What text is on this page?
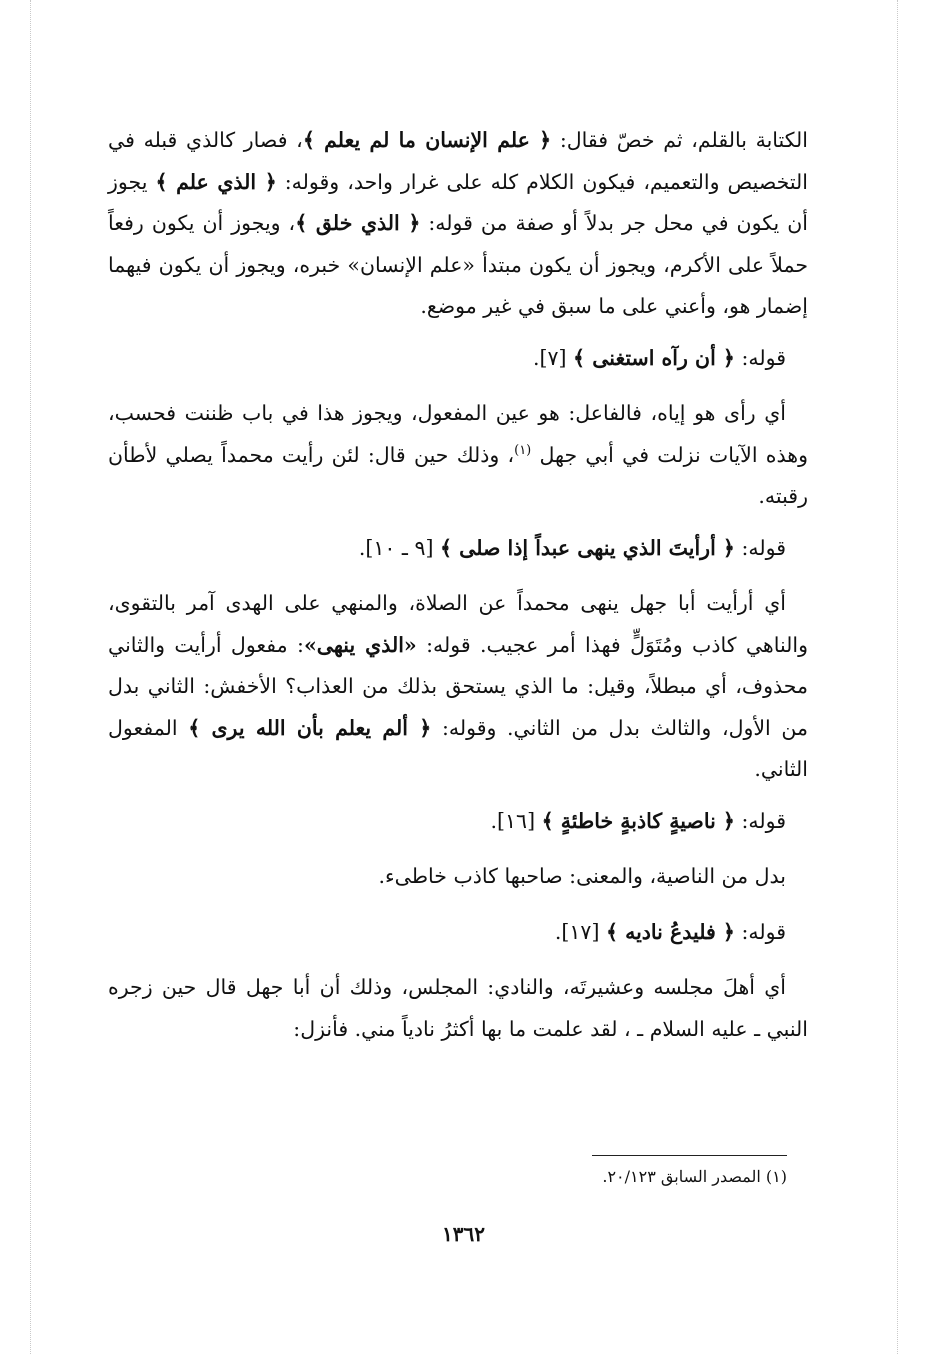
الكتابة بالقلم، ثم خصّ فقال: ﴿ علم الإنسان ما لم يعلم ﴾، فصار كالذي قبله في التخصيص والتعميم، فيكون الكلام كله على غرار واحد، وقوله: ﴿ الذي علم ﴾ يجوز أن يكون في محل جر بدلاً أو صفة من قوله: ﴿ الذي خلق ﴾، ويجوز أن يكون رفعاً حملاً على الأكرم، ويجوز أن يكون مبتدأ «علم الإنسان» خبره، ويجوز أن يكون فيهما إضمار هو، وأعني على ما سبق في غير موضع.

قوله: ﴿ أن رآه استغنى ﴾ [٧].

أي رأى هو إياه، فالفاعل: هو عين المفعول، ويجوز هذا في باب ظننت فحسب، وهذه الآيات نزلت في أبي جهل $^{(١)}$، وذلك حين قال: لئن رأيت محمداً يصلي لأطأن رقبته.

قوله: ﴿ أرأيتَ الذي ينهى عبداً إذا صلى ﴾ [٩ ـ ١٠].

أي أرأيت أبا جهل ينهى محمداً عن الصلاة، والمنهي على الهدى آمر بالتقوى، والناهي كاذب ومُتَوَلٍّ فهذا أمر عجيب. قوله: «الذي ينهى»: مفعول أرأيت والثاني محذوف، أي مبطلاً، وقيل: ما الذي يستحق بذلك من العذاب؟ الأخفش: الثاني بدل من الأول، والثالث بدل من الثاني. وقوله: ﴿ ألم يعلم بأن الله يرى ﴾ المفعول الثاني.

قوله: ﴿ ناصيةٍ كاذبةٍ خاطئةٍ ﴾ [١٦].

بدل من الناصية، والمعنى: صاحبها كاذب خاطىء.

قوله: ﴿ فليدعُ ناديه ﴾ [١٧].

أي أهلَ مجلسه وعشيرتَه، والنادي: المجلس، وذلك أن أبا جهل قال حين زجره النبي ـ عليه السلام ـ ، لقد علمت ما بها أكثرُ نادياً مني. فأنزل:

(١) المصدر السابق ٢٠/١٢٣.
١٣٦٢
